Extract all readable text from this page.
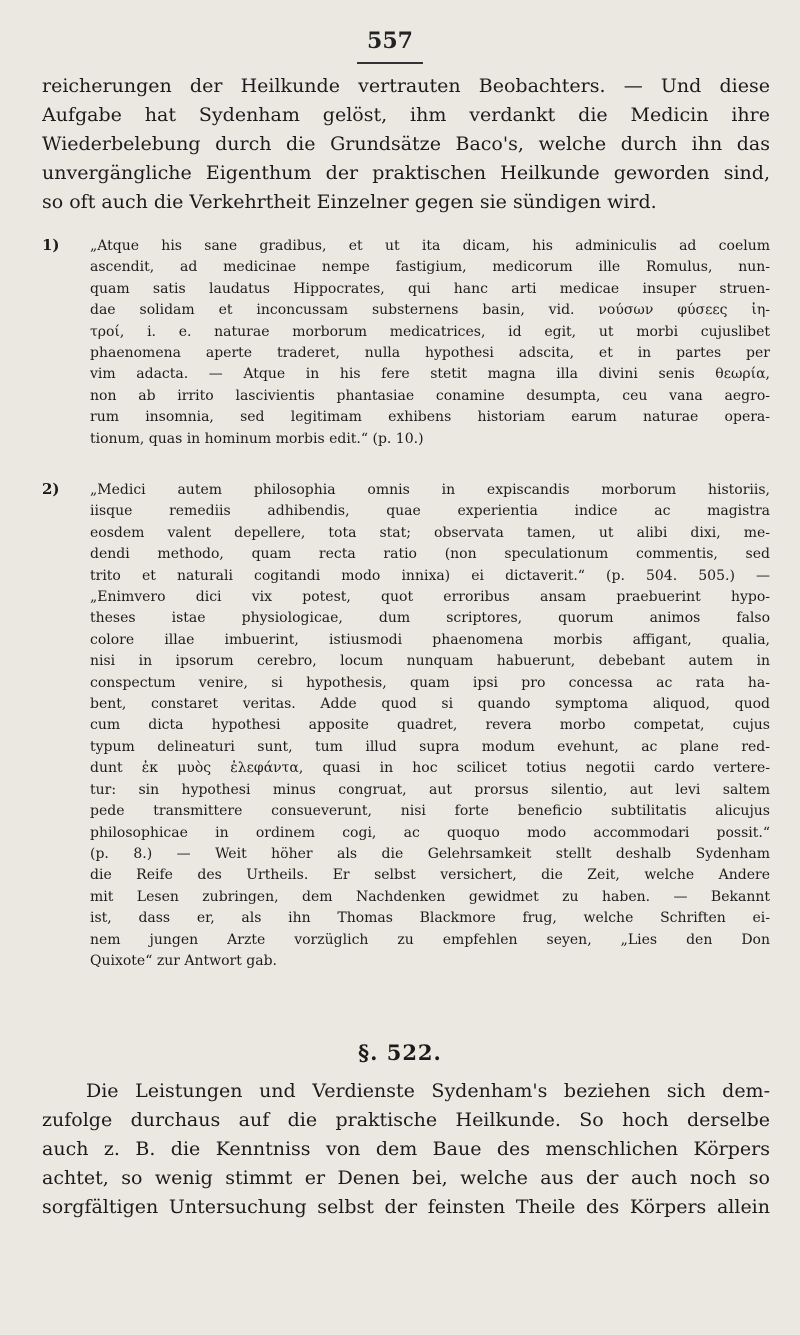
557
reicherungen der Heilkunde vertrauten Beobachters. — Und diese
Aufgabe hat Sydenham gelöst, ihm verdankt die Medicin ihre
Wiederbelebung durch die Grundsätze Baco's, welche durch ihn das
unvergängliche Eigenthum der praktischen Heilkunde geworden sind,
so oft auch die Verkehrtheit Einzelner gegen sie sündigen wird.
1) „Atque his sane gradibus, et ut ita dicam, his adminiculis ad coelum
ascendit, ad medicinae nempe fastigium, medicorum ille Romulus, nun-
quam satis laudatus Hippocrates, qui hanc arti medicae insuper struen-
dae solidam et inconcussam substernens basin, vid. νούσων φύσεες ἰη-
τροί, i. e. naturae morborum medicatrices, id egit, ut morbi cujuslibet
phaenomena aperte traderet, nulla hypothesi adscita, et in partes per
vim adacta. — Atque in his fere stetit magna illa divini senis θεωρία,
non ab irrito lascivientis phantasiae conamine desumpta, ceu vana aegro-
rum insomnia, sed legitimam exhibens historiam earum naturae opera-
tionum, quas in hominum morbis edit.“ (p. 10.)
2) „Medici autem philosophia omnis in expiscandis morborum historiis,
iisque remediis adhibendis, quae experientia indice ac magistra
eosdem valent depellere, tota stat; observata tamen, ut alibi dixi, me-
dendi methodo, quam recta ratio (non speculationum commentis, sed
trito et naturali cogitandi modo innixa) ei dictaverit.“ (p. 504. 505.) —
„Enimvero dici vix potest, quot erroribus ansam praebuerint hypo-
theses istae physiologicae, dum scriptores, quorum animos falso
colore illae imbuerint, istiusmodi phaenomena morbis affigant, qualia,
nisi in ipsorum cerebro, locum nunquam habuerunt, debebant autem in
conspectum venire, si hypothesis, quam ipsi pro concessa ac rata ha-
bent, constaret veritas. Adde quod si quando symptoma aliquod, quod
cum dicta hypothesi apposite quadret, revera morbo competat, cujus
typum delineaturi sunt, tum illud supra modum evehunt, ac plane red-
dunt ἐκ μυὸς ἐλεφάντα, quasi in hoc scilicet totius negotii cardo vertere-
tur: sin hypothesi minus congruat, aut prorsus silentio, aut levi saltem
pede transmittere consueverunt, nisi forte beneficio subtilitatis alicujus
philosophicae in ordinem cogi, ac quoquo modo accommodari possit.“
(p. 8.) — Weit höher als die Gelehrsamkeit stellt deshalb Sydenham
die Reife des Urtheils. Er selbst versichert, die Zeit, welche Andere
mit Lesen zubringen, dem Nachdenken gewidmet zu haben. — Bekannt
ist, dass er, als ihn Thomas Blackmore frug, welche Schriften ei-
nem jungen Arzte vorzüglich zu empfehlen seyen, „Lies den Don
Quixote“ zur Antwort gab.
§. 522.
Die Leistungen und Verdienste Sydenham's beziehen sich dem-
zufolge durchaus auf die praktische Heilkunde. So hoch derselbe
auch z. B. die Kenntniss von dem Baue des menschlichen Körpers
achtet, so wenig stimmt er Denen bei, welche aus der auch noch so
sorgfältigen Untersuchung selbst der feinsten Theile des Körpers allein
